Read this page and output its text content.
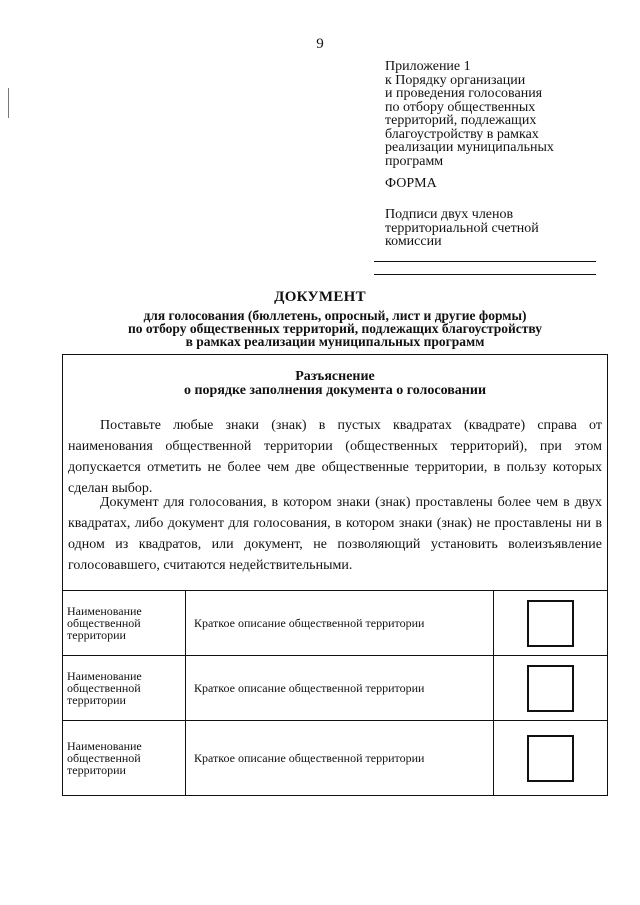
9
Приложение 1
к Порядку организации
и проведения голосования
по отбору общественных
территорий, подлежащих
благоустройству в рамках
реализации муниципальных
программ
ФОРМА
Подписи двух членов
территориальной счетной
комиссии
ДОКУМЕНТ
для голосования (бюллетень, опросный, лист и другие формы)
по отбору общественных территорий, подлежащих благоустройству
в рамках реализации муниципальных программ
Разъяснение
о порядке заполнения документа о голосовании

Поставьте любые знаки (знак) в пустых квадратах (квадрате) справа от наименования общественной территории (общественных территорий), при этом допускается отметить не более чем две общественные территории, в пользу которых сделан выбор.

Документ для голосования, в котором знаки (знак) проставлены более чем в двух квадратах, либо документ для голосования, в котором знаки (знак) не проставлены ни в одном из квадратов, или документ, не позволяющий установить волеизъявление голосовавшего, считаются недействительными.

Наименование
общественной
территории	Краткое описание общественной территории	

Наименование
общественной
территории	Краткое описание общественной территории	

Наименование
общественной
территории	Краткое описание общественной территории	
